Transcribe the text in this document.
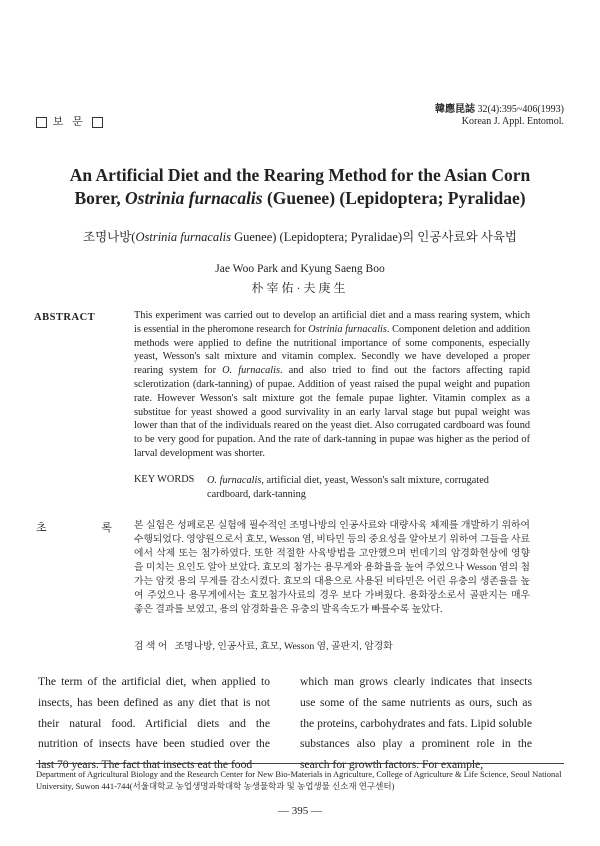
보 문
韓應昆誌 32(4):395~406(1993)
Korean J. Appl. Entomol.
An Artificial Diet and the Rearing Method for the Asian Corn
Borer, Ostrinia furnacalis (Guenee) (Lepidoptera; Pyralidae)
조명나방(Ostrinia furnacalis Guenee) (Lepidoptera; Pyralidae)의 인공사료와 사육법
Jae Woo Park and Kyung Saeng Boo
朴宰佑·夫庚生
ABSTRACT	This experiment was carried out to develop an artificial diet and a mass rearing system, which is essential in the pheromone research for Ostrinia furnacalis. Component deletion and addition methods were applied to define the nutritional importance of some components, especially yeast, Wesson's salt mixture and vitamin complex. Secondly we have developed a proper rearing system for O. furnacalis. and also tried to find out the factors affecting rapid sclerotization (dark-tanning) of pupae. Addition of yeast raised the pupal weight and pupation rate. However Wesson's salt mixture got the female pupae lighter. Vitamin complex as a substitue for yeast showed a good survivality in an early larval stage but pupal weight was lower than that of the individuals reared on the yeast diet. Also corrugated cardboard was found to be very good for pupation. And the rate of dark-tanning in pupae was higher as the period of larval development was shorter.

KEY WORDS O. furnacalis, artificial diet, yeast, Wesson's salt mixture, corrugated cardboard, dark-tanning

초 록

본 실험은 성페로몬 실험에 필수적인 조명나방의 인공사료와 대량사육 체제를 개발하기 위하여 수행되었다. 영양원으로서 효모, Wesson 염, 비타민 등의 중요성을 알아보기 위하여 그들을 사료에서 삭제 또는 첨가하였다. 또한 적절한 사육방법을 고안했으며 번데기의 암경화현상에 영향을 미치는 요인도 알아 보았다. 효모의 첨가는 용무게와 용화율을 높여 주었으나 Wesson 염의 첨가는 암컷 용의 무게를 감소시켰다. 효모의 대용으로 사용된 비타민은 어린 유충의 생존율을 높여 주었으나 용무게에서는 효모첨가사료의 경우 보다 가벼웠다. 용화장소로서 골판지는 매우 좋은 결과를 보였고, 용의 암경화율은 유충의 발육속도가 빠를수록 높았다.

검 색 어 조명나방, 인공사료, 효모, Wesson 염, 골판지, 암경화

The term of the artificial diet, when applied to insects, has been defined as any diet that is not their natural food. Artificial diets and the nutrition of insects have been studied over the last 70 years. The fact that insects eat the food

which man grows clearly indicates that insects use some of the same nutrients as ours, such as the proteins, carbohydrates and fats. Lipid soluble substances also play a prominent role in the search for growth factors. For example,

Department of Agricultural Biology and the Research Center for New Bio-Materials in Agriculture, College of Agriculture & Life Science, Seoul National University, Suwon 441-744(서울대학교 농업생명과학대학 농생물학과 및 농업생물 신소재 연구센터)

— 395 —
